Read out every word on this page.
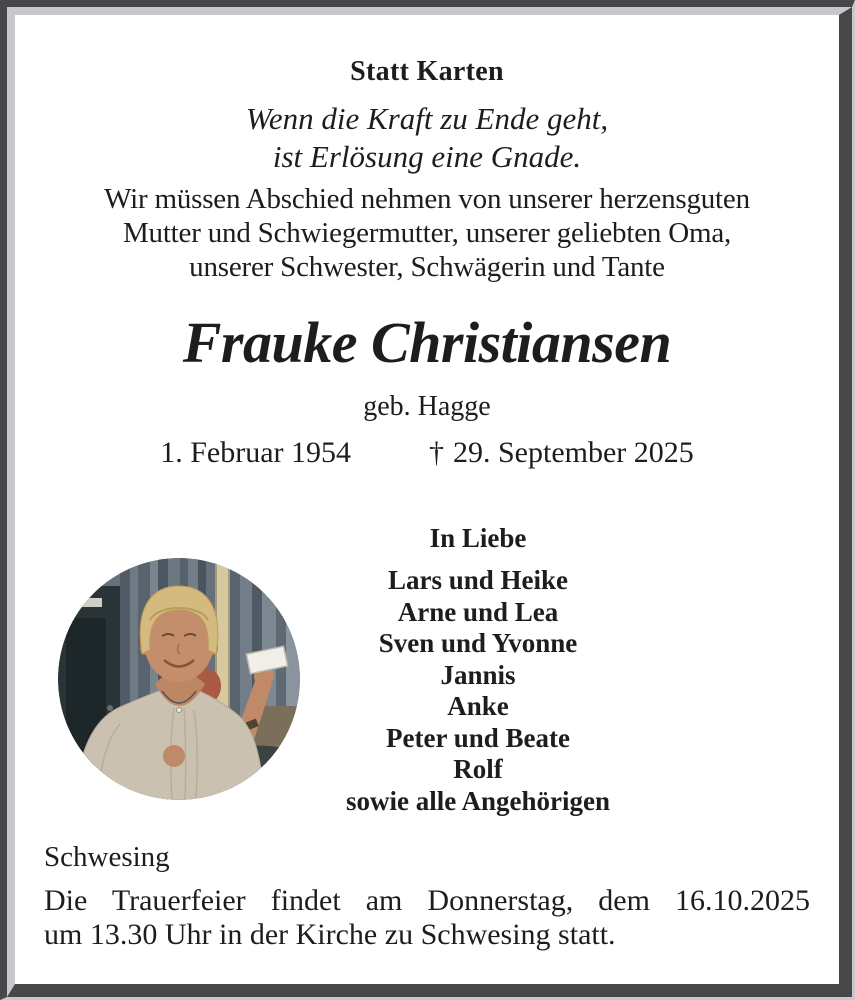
Statt Karten
Wenn die Kraft zu Ende geht,
ist Erlösung eine Gnade.
Wir müssen Abschied nehmen von unserer herzensguten
Mutter und Schwiegermutter, unserer geliebten Oma,
unserer Schwester, Schwägerin und Tante
Frauke Christiansen
geb. Hagge
1. Februar 1954	† 29. September 2025
In Liebe
Lars und Heike
Arne und Lea
Sven und Yvonne
Jannis
Anke
Peter und Beate
Rolf
sowie alle Angehörigen
Schwesing
Die Trauerfeier findet am Donnerstag, dem 16.10.2025
um 13.30 Uhr in der Kirche zu Schwesing statt.
